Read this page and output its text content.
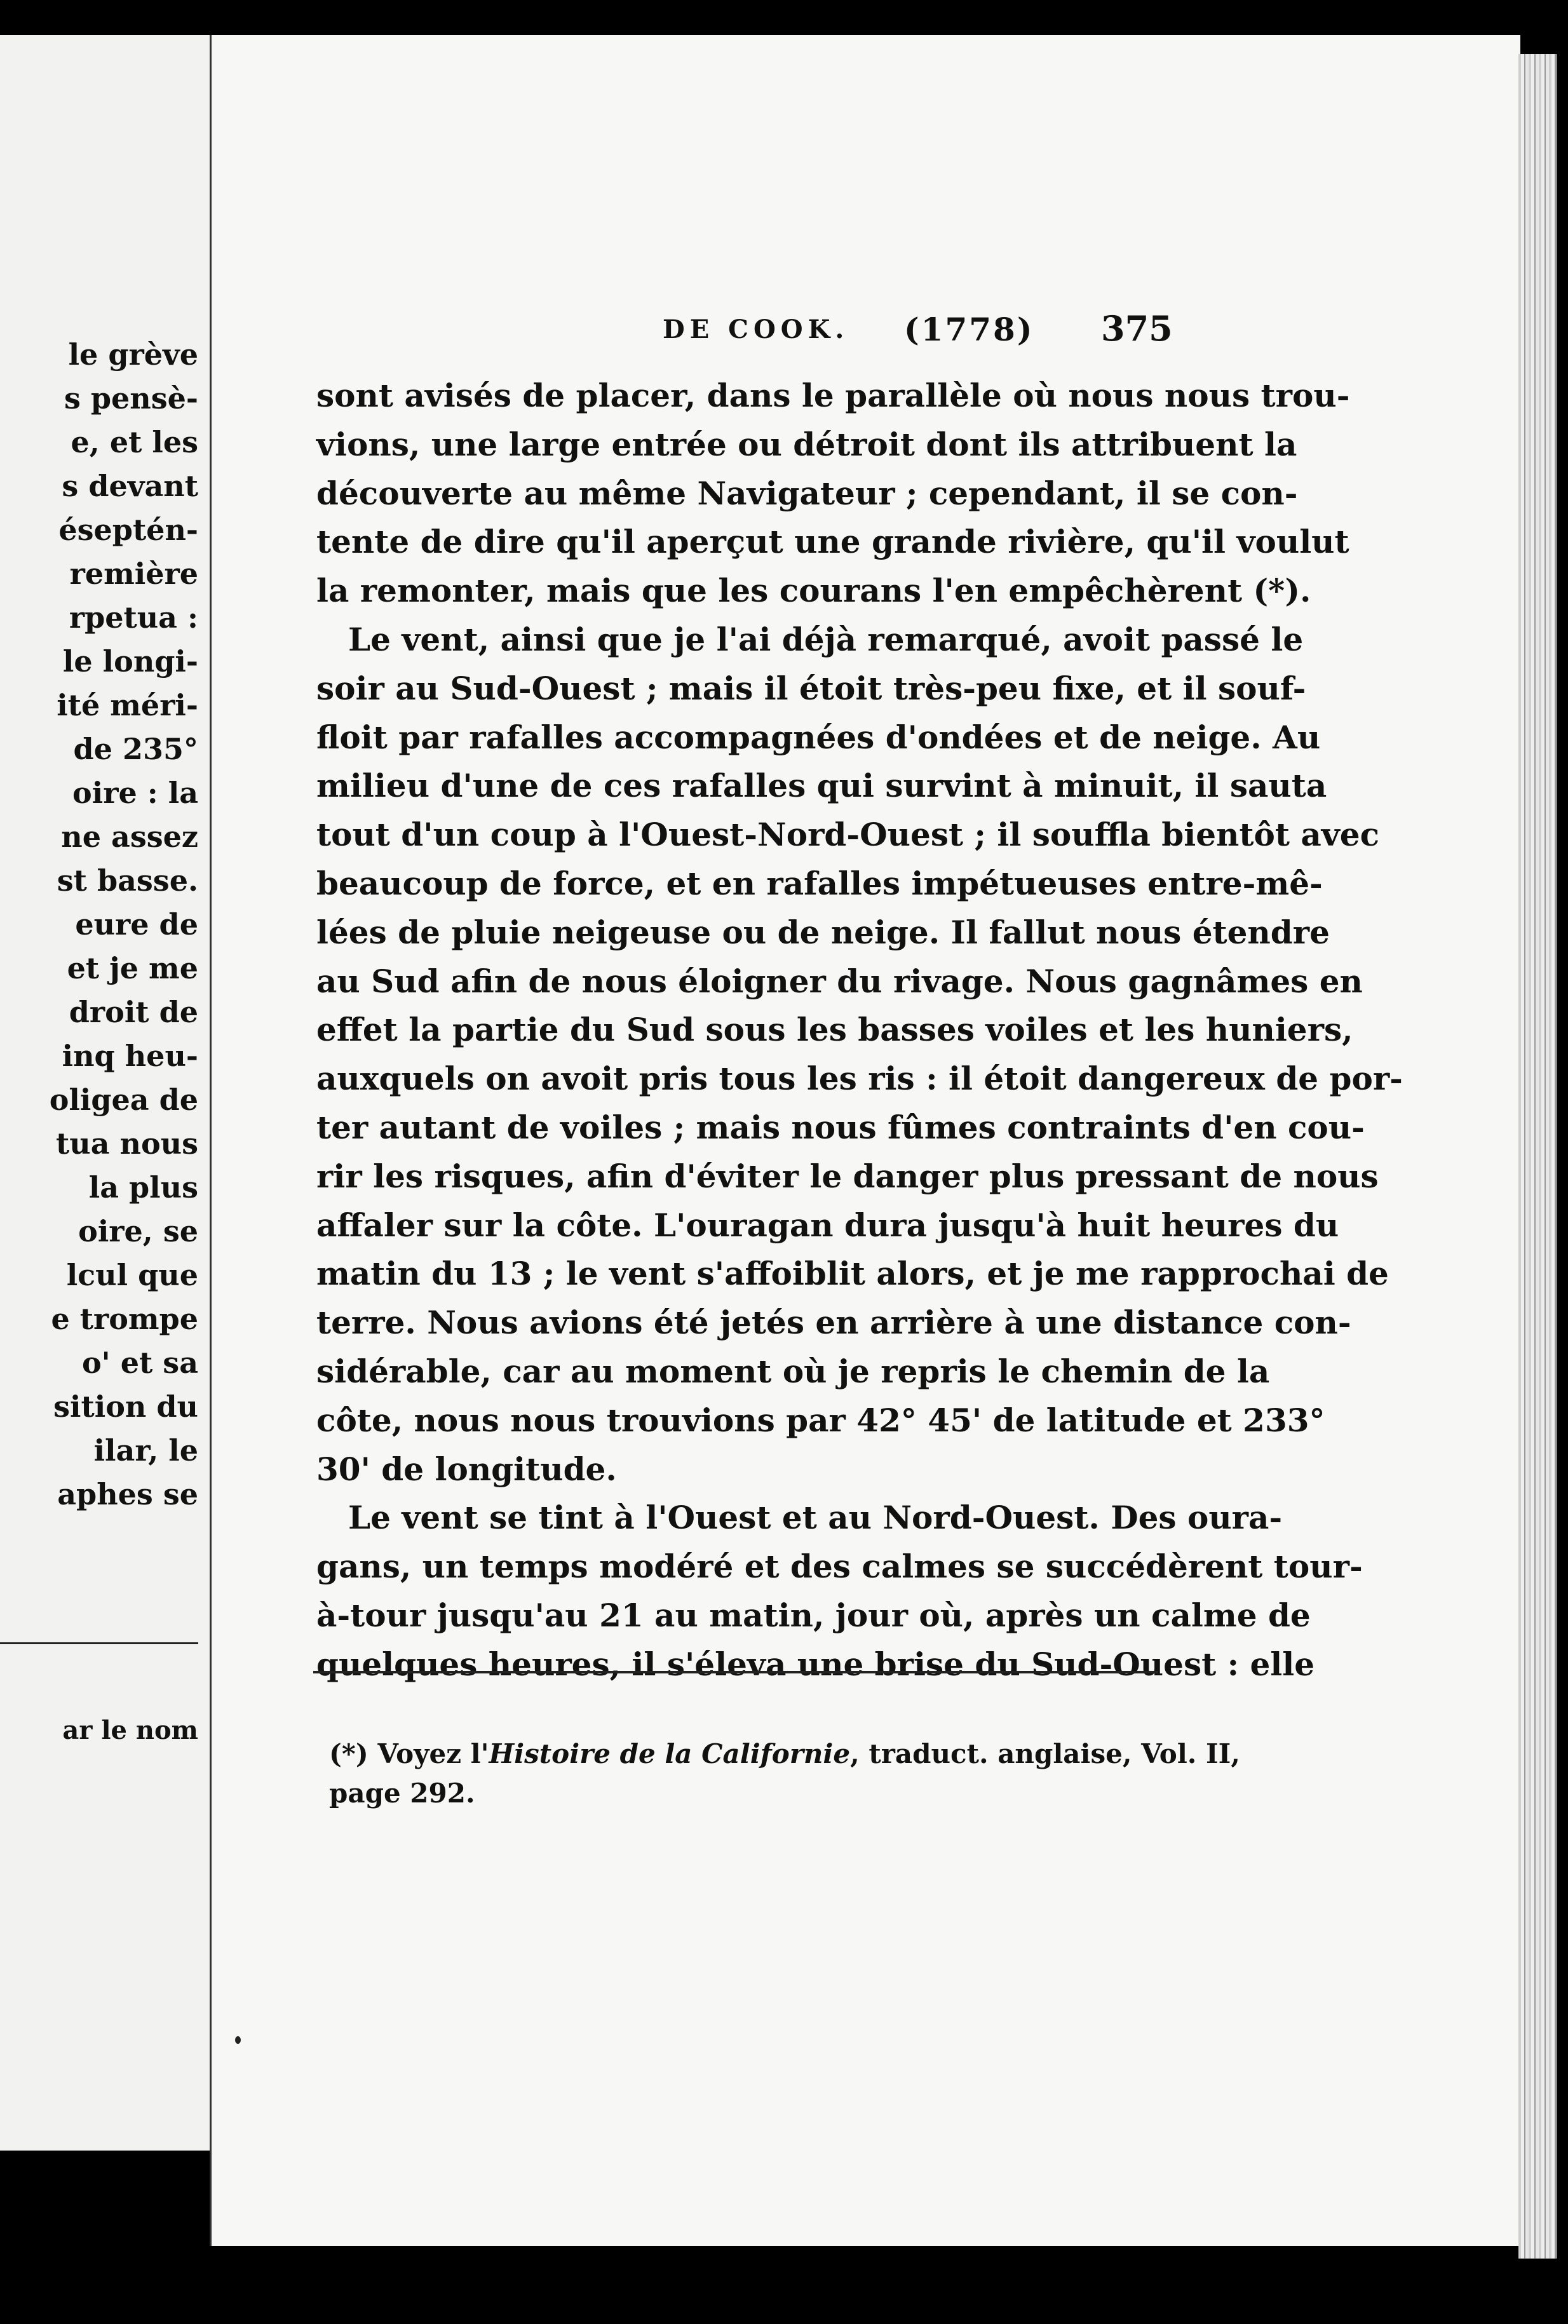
ar le nom
le grève
s pensè-
e, et les
s devant
éseptén-
remière
rpetua :
le longi-
ité méri-
de 235°
oire : la
ne assez
st basse.
eure de
et je me
droit de
inq heu-
oligea de
tua nous
la plus
oire, se
lcul que
e trompe
o' et sa
sition du
ilar, le
aphes se
DE COOK. (1778) 375
sont avisés de placer, dans le parallèle où nous nous trou-
vions, une large entrée ou détroit dont ils attribuent la
découverte au même Navigateur ; cependant, il se con-
tente de dire qu'il aperçut une grande rivière, qu'il voulut
la remonter, mais que les courans l'en empêchèrent (*).
Le vent, ainsi que je l'ai déjà remarqué, avoit passé le
soir au Sud-Ouest ; mais il étoit très-peu fixe, et il souf-
floit par rafalles accompagnées d'ondées et de neige. Au
milieu d'une de ces rafalles qui survint à minuit, il sauta
tout d'un coup à l'Ouest-Nord-Ouest ; il souffla bientôt avec
beaucoup de force, et en rafalles impétueuses entre-mê-
lées de pluie neigeuse ou de neige. Il fallut nous étendre
au Sud afin de nous éloigner du rivage. Nous gagnâmes en
effet la partie du Sud sous les basses voiles et les huniers,
auxquels on avoit pris tous les ris : il étoit dangereux de por-
ter autant de voiles ; mais nous fûmes contraints d'en cou-
rir les risques, afin d'éviter le danger plus pressant de nous
affaler sur la côte. L'ouragan dura jusqu'à huit heures du
matin du 13 ; le vent s'affoiblit alors, et je me rapprochai de
terre. Nous avions été jetés en arrière à une distance con-
sidérable, car au moment où je repris le chemin de la
côte, nous nous trouvions par 42° 45' de latitude et 233°
30' de longitude.
Le vent se tint à l'Ouest et au Nord-Ouest. Des oura-
gans, un temps modéré et des calmes se succédèrent tour-
à-tour jusqu'au 21 au matin, jour où, après un calme de
quelques heures, il s'éleva une brise du Sud-Ouest : elle
(*) Voyez l'Histoire de la Californie, traduct. anglaise, Vol. II,
page 292.
